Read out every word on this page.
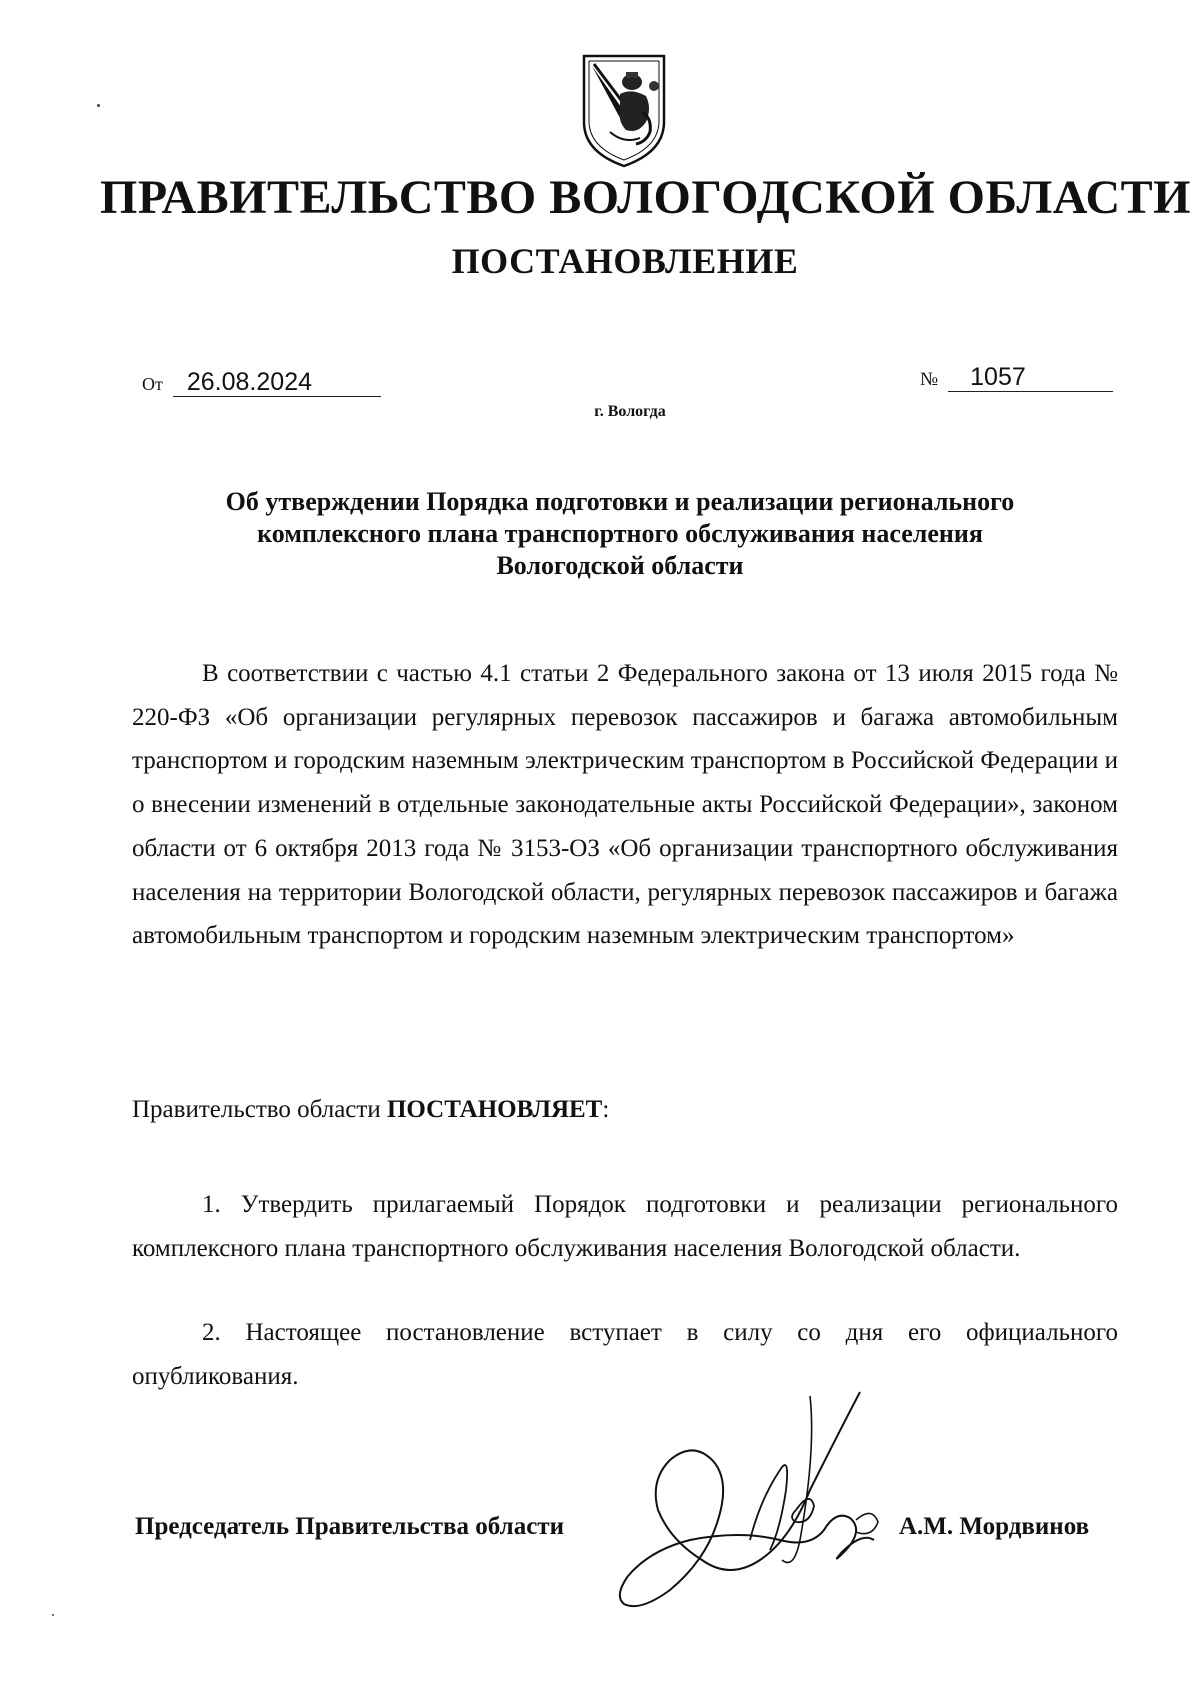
ПРАВИТЕЛЬСТВО ВОЛОГОДСКОЙ ОБЛАСТИ
ПОСТАНОВЛЕНИЕ
От 26.08.2024	№ 1057
г. Вологда
Об утверждении Порядка подготовки и реализации регионального
комплексного плана транспортного обслуживания населения
Вологодской области

В соответствии с частью 4.1 статьи 2 Федерального закона от 13 июля 2015 года № 220-ФЗ «Об организации регулярных перевозок пассажиров и багажа автомобильным транспортом и городским наземным электрическим транспортом в Российской Федерации и о внесении изменений в отдельные законодательные акты Российской Федерации», законом области от 6 октября 2013 года № 3153-ОЗ «Об организации транспортного обслуживания населения на территории Вологодской области, регулярных перевозок пассажиров и багажа автомобильным транспортом и городским наземным электрическим транспортом»

Правительство области ПОСТАНОВЛЯЕТ:

1. Утвердить прилагаемый Порядок подготовки и реализации регионального комплексного плана транспортного обслуживания населения Вологодской области.

2. Настоящее постановление вступает в силу со дня его официального опубликования.

Председатель Правительства области	А.М. Мордвинов
